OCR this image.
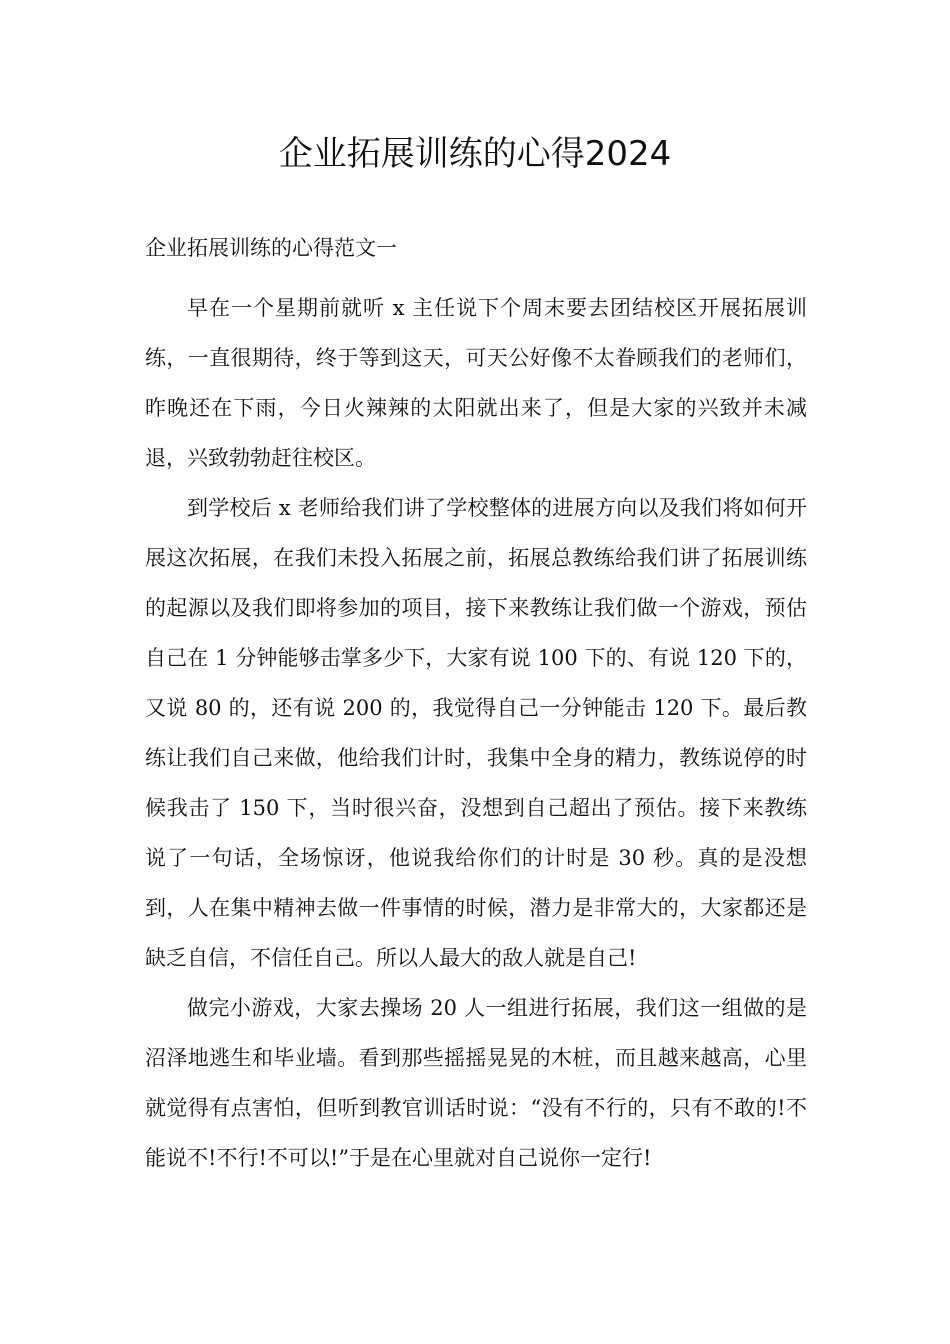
企业拓展训练的心得2024
企业拓展训练的心得范文一

早在一个星期前就听 x 主任说下个周末要去团结校区开展拓展训练，一直很期待，终于等到这天，可天公好像不太眷顾我们的老师们，昨晚还在下雨，今日火辣辣的太阳就出来了，但是大家的兴致并未减退，兴致勃勃赶往校区。

到学校后 x 老师给我们讲了学校整体的进展方向以及我们将如何开展这次拓展，在我们未投入拓展之前，拓展总教练给我们讲了拓展训练的起源以及我们即将参加的项目，接下来教练让我们做一个游戏，预估自己在 1 分钟能够击掌多少下，大家有说 100 下的、有说 120 下的，又说 80 的，还有说 200 的，我觉得自己一分钟能击 120 下。最后教练让我们自己来做，他给我们计时，我集中全身的精力，教练说停的时候我击了 150 下，当时很兴奋，没想到自己超出了预估。接下来教练说了一句话，全场惊讶，他说我给你们的计时是 30 秒。真的是没想到，人在集中精神去做一件事情的时候，潜力是非常大的，大家都还是缺乏自信，不信任自己。所以人最大的敌人就是自己!

做完小游戏，大家去操场 20 人一组进行拓展，我们这一组做的是沼泽地逃生和毕业墙。看到那些摇摇晃晃的木桩，而且越来越高，心里就觉得有点害怕，但听到教官训话时说：“没有不行的，只有不敢的!不能说不!不行!不可以!”于是在心里就对自己说你一定行!
